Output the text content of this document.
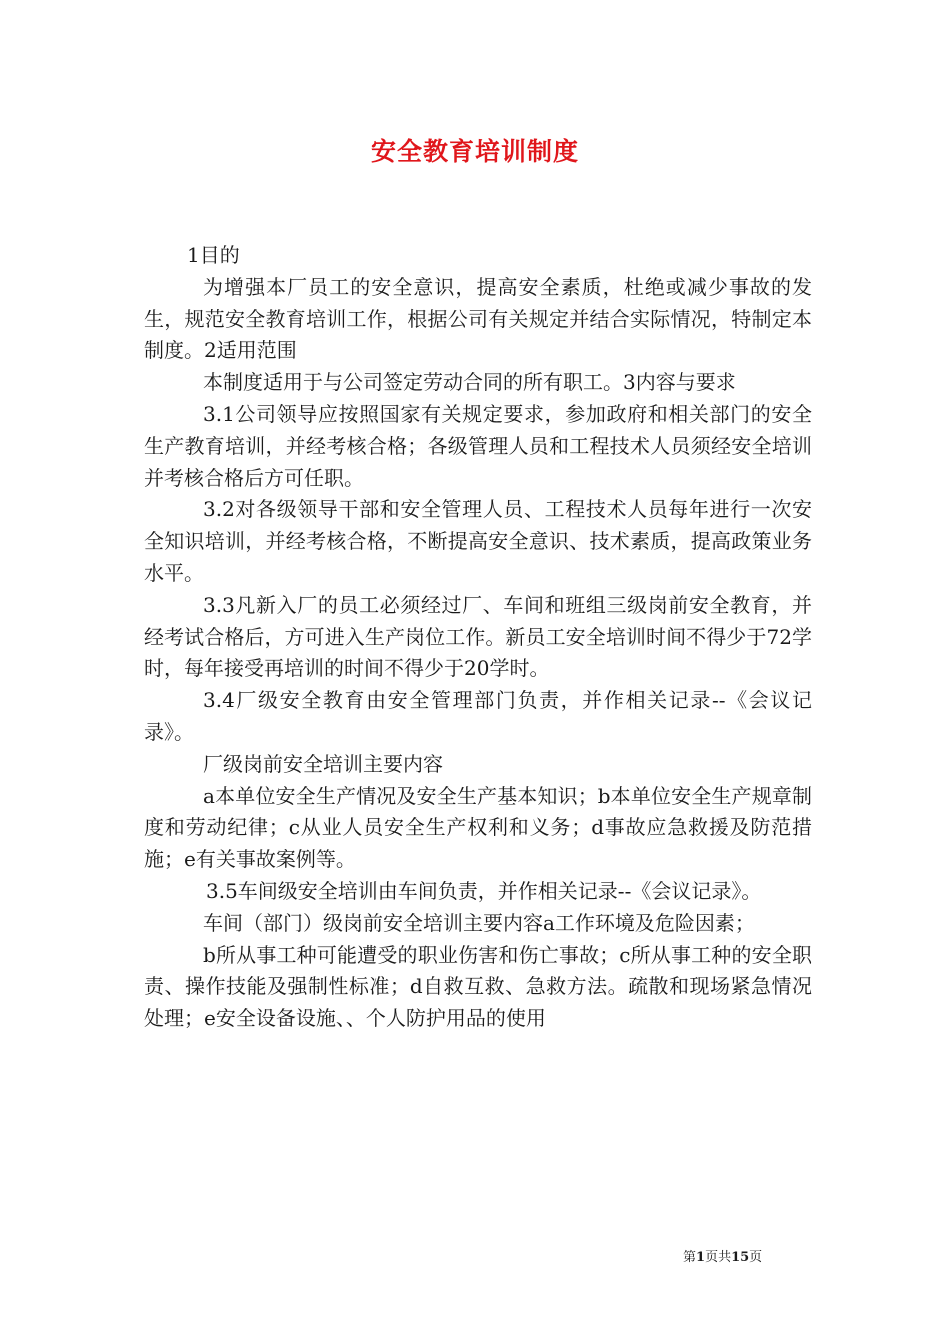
安全教育培训制度

1目的

为增强本厂员工的安全意识，提高安全素质，杜绝或减少事故的发生，规范安全教育培训工作，根据公司有关规定并结合实际情况，特制定本制度。2适用范围

本制度适用于与公司签定劳动合同的所有职工。3内容与要求

3.1公司领导应按照国家有关规定要求，参加政府和相关部门的安全生产教育培训，并经考核合格；各级管理人员和工程技术人员须经安全培训并考核合格后方可任职。

3.2对各级领导干部和安全管理人员、工程技术人员每年进行一次安全知识培训，并经考核合格，不断提高安全意识、技术素质，提高政策业务水平。

3.3凡新入厂的员工必须经过厂、车间和班组三级岗前安全教育，并经考试合格后，方可进入生产岗位工作。新员工安全培训时间不得少于72学时，每年接受再培训的时间不得少于20学时。

3.4厂级安全教育由安全管理部门负责，并作相关记录--《会议记录》。

厂级岗前安全培训主要内容

a本单位安全生产情况及安全生产基本知识；b本单位安全生产规章制度和劳动纪律；c从业人员安全生产权利和义务；d事故应急救援及防范措施；e有关事故案例等。

3.5车间级安全培训由车间负责，并作相关记录--《会议记录》。

车间（部门）级岗前安全培训主要内容a工作环境及危险因素；

b所从事工种可能遭受的职业伤害和伤亡事故；c所从事工种的安全职责、操作技能及强制性标准；d自救互救、急救方法。疏散和现场紧急情况处理；e安全设备设施、、个人防护用品的使用

第1页共15页
